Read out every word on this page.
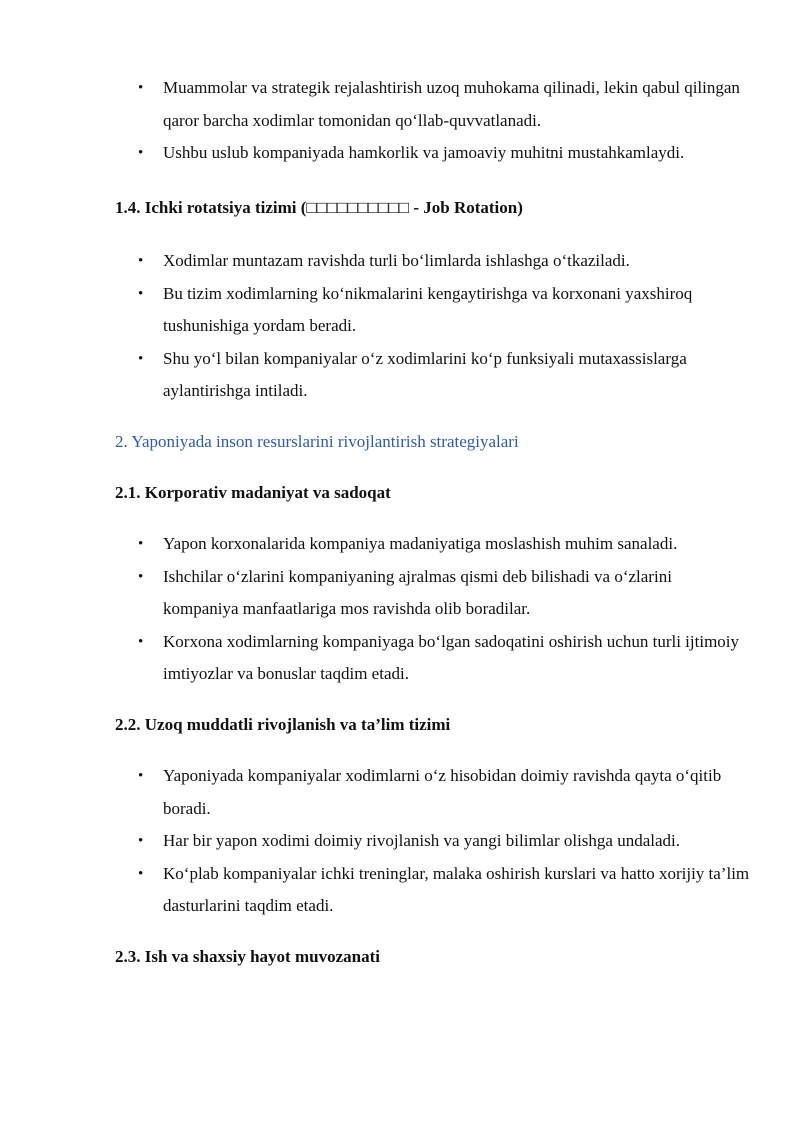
• Muammolar va strategik rejalashtirish uzoq muhokama qilinadi, lekin qabul qilingan qaror barcha xodimlar tomonidan qo‘llab-quvvatlanadi.
• Ushbu uslub kompaniyada hamkorlik va jamoaviy muhitni mustahkamlaydi.
1.4. Ichki rotatsiya tizimi (□□□□□□□□□□ - Job Rotation)
• Xodimlar muntazam ravishda turli bo‘limlarda ishlashga o‘tkaziladi.
• Bu tizim xodimlarning ko‘nikmalarini kengaytirishga va korxonani yaxshiroq tushunishiga yordam beradi.
• Shu yo‘l bilan kompaniyalar o‘z xodimlarini ko‘p funksiyali mutaxassislarga aylantirishga intiladi.
2. Yaponiyada inson resurslarini rivojlantirish strategiyalari
2.1. Korporativ madaniyat va sadoqat
• Yapon korxonalarida kompaniya madaniyatiga moslashish muhim sanaladi.
• Ishchilar o‘zlarini kompaniyaning ajralmas qismi deb bilishadi va o‘zlarini kompaniya manfaatlariga mos ravishda olib boradilar.
• Korxona xodimlarning kompaniyaga bo‘lgan sadoqatini oshirish uchun turli ijtimoiy imtiyozlar va bonuslar taqdim etadi.
2.2. Uzoq muddatli rivojlanish va ta’lim tizimi
• Yaponiyada kompaniyalar xodimlarni o‘z hisobidan doimiy ravishda qayta o‘qitib boradi.
• Har bir yapon xodimi doimiy rivojlanish va yangi bilimlar olishga undaladi.
• Ko‘plab kompaniyalar ichki treninglar, malaka oshirish kurslari va hatto xorijiy ta’lim dasturlarini taqdim etadi.
2.3. Ish va shaxsiy hayot muvozanati
